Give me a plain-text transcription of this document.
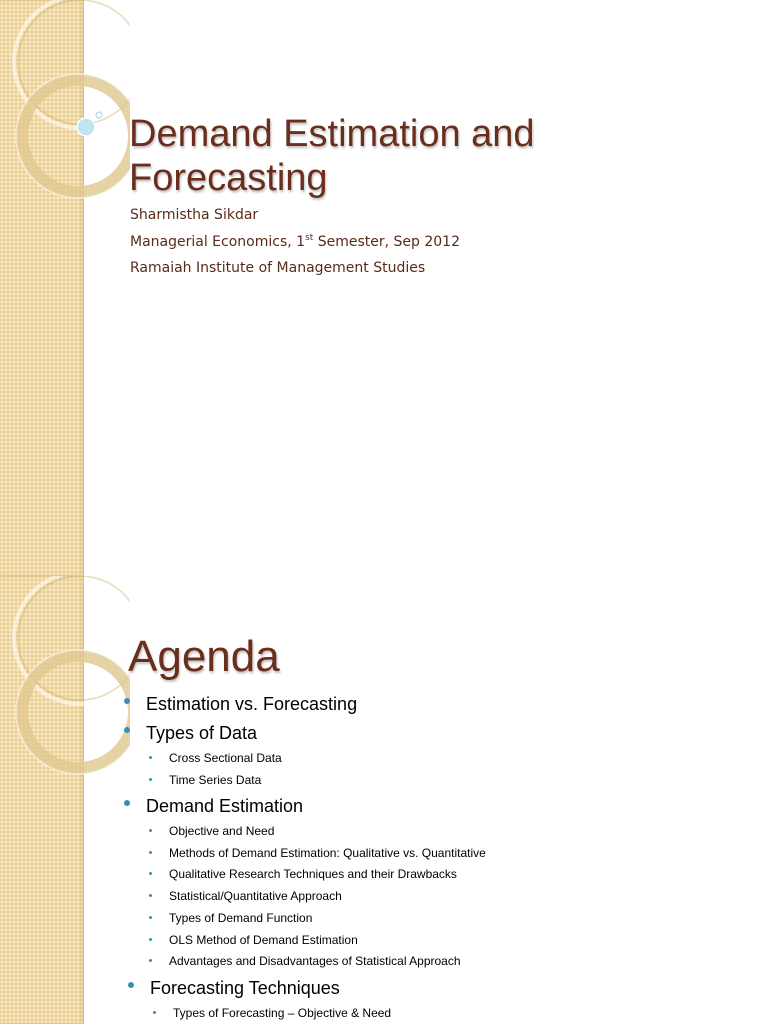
Demand Estimation and
Forecasting
Sharmistha Sikdar
Managerial Economics, 1st Semester, Sep 2012
Ramaiah Institute of Management Studies
Agenda
Estimation vs. Forecasting
Types of Data
Cross Sectional Data
Time Series Data
Demand Estimation
Objective and Need
Methods of Demand Estimation: Qualitative vs. Quantitative
Qualitative Research Techniques and their Drawbacks
Statistical/Quantitative Approach
Types of Demand Function
OLS Method of Demand Estimation
Advantages and Disadvantages of Statistical Approach
Forecasting Techniques
Types of Forecasting – Objective & Need
